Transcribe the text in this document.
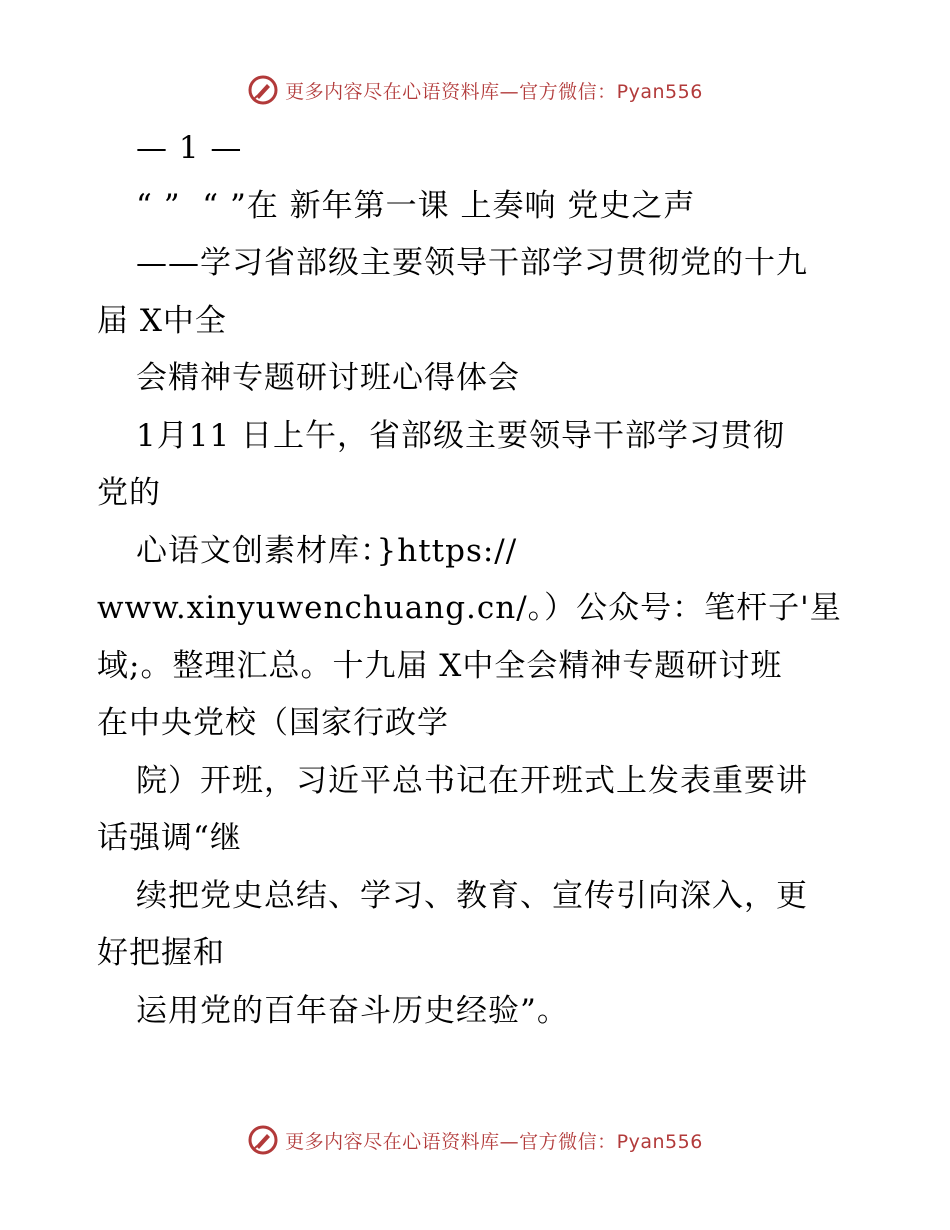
更多内容尽在心语资料库—官方微信：Pyan556
— 1 —
“ ”  “ ”在 新年第一课 上奏响 党史之声
——学习省部级主要领导干部学习贯彻党的十九
届 X中全
会精神专题研讨班心得体会
1月11 日上午，省部级主要领导干部学习贯彻
党的
心语文创素材库：}https://
www.xinyuwenchuang.cn/。）公众号：笔杆子'星
域;。整理汇总。十九届 X中全会精神专题研讨班
在中央党校（国家行政学
院）开班，习近平总书记在开班式上发表重要讲
话强调“继
续把党史总结、学习、教育、宣传引向深入，更
好把握和
运用党的百年奋斗历史经验”。
更多内容尽在心语资料库—官方微信：Pyan556
